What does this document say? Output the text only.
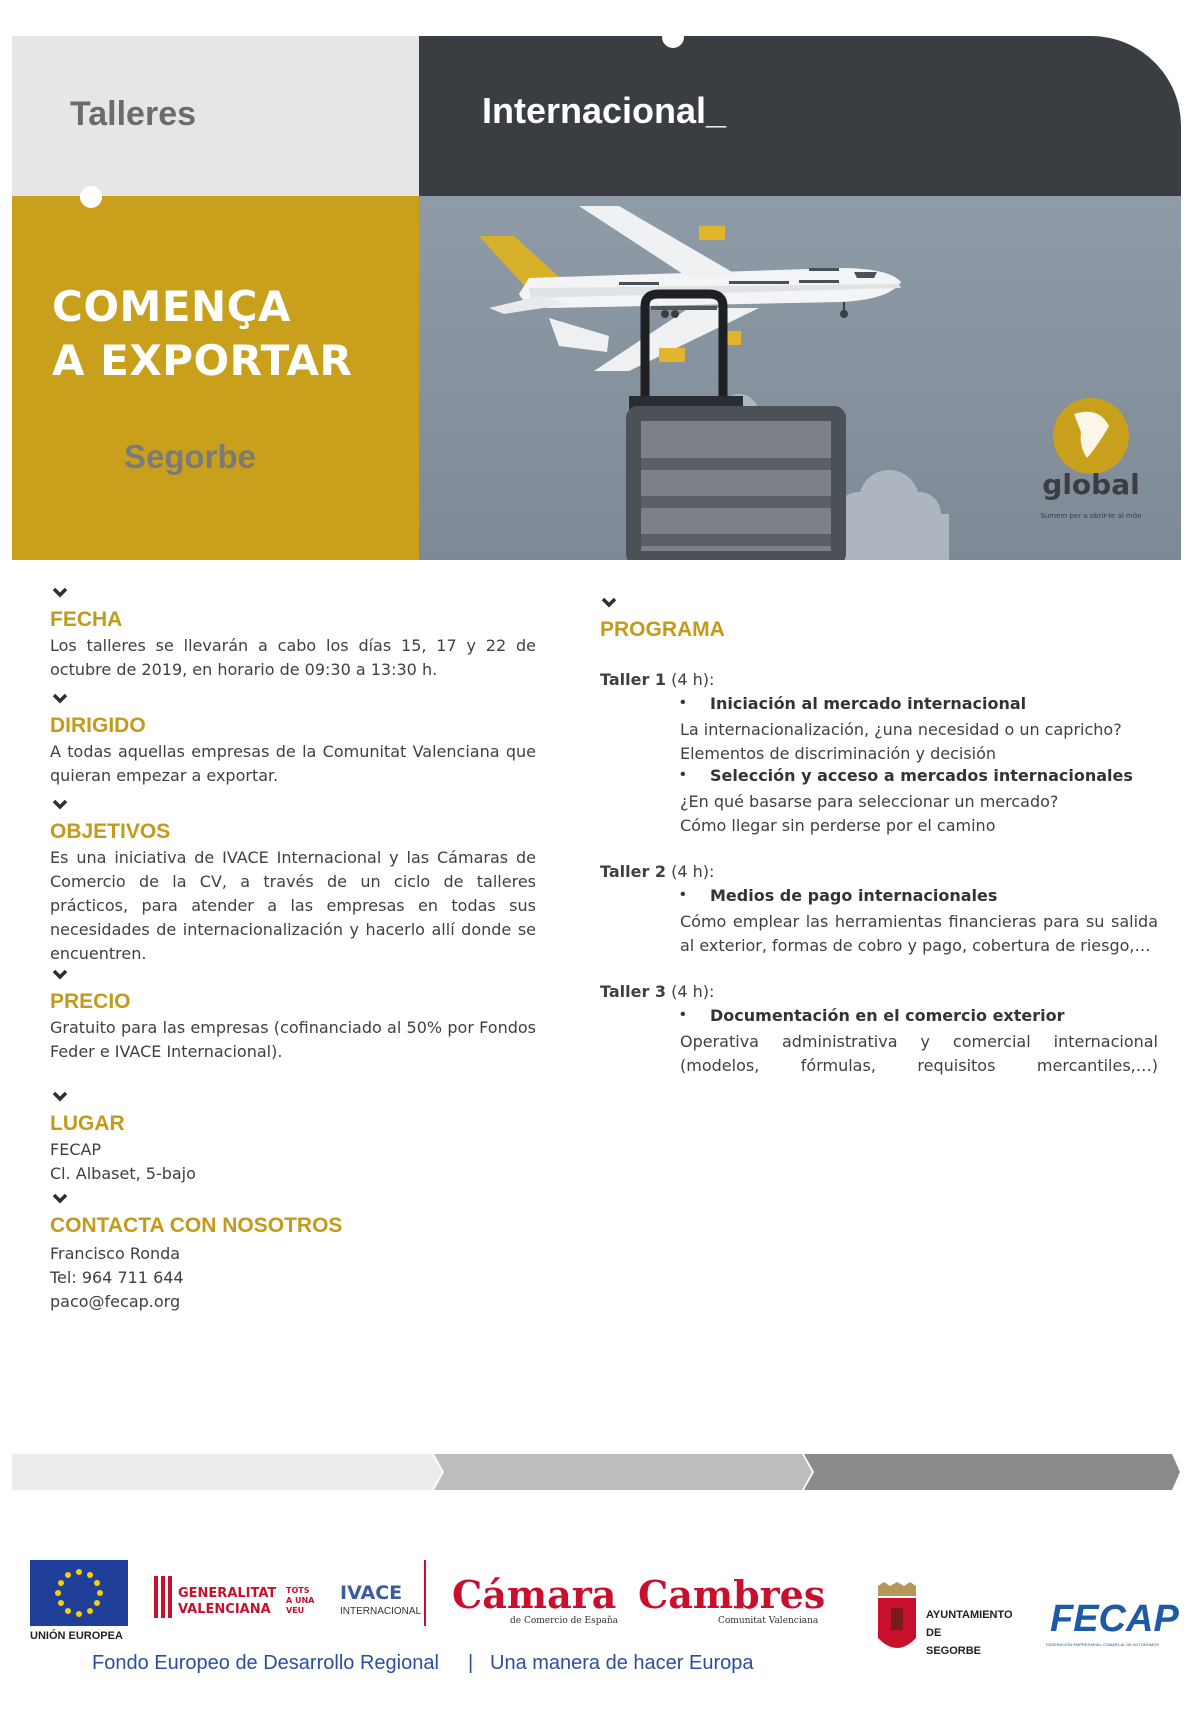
global
Sumem per a obrir-te al món
Talleres	Internacional_
COMENÇA
A EXPORTAR
Segorbe
FECHA
Los talleres se llevarán a cabo los días 15, 17 y 22 de octubre de 2019, en horario de 09:30 a 13:30 h.
DIRIGIDO
A todas aquellas empresas de la Comunitat Valenciana que quieran empezar a exportar.
OBJETIVOS
Es una iniciativa de IVACE Internacional y las Cámaras de Comercio de la CV, a través de un ciclo de talleres prácticos, para atender a las empresas en todas sus necesidades de internacionalización y hacerlo allí donde se encuentren.
PRECIO
Gratuito para las empresas (cofinanciado al 50% por Fondos Feder e IVACE Internacional).
LUGAR
FECAP
Cl. Albaset, 5-bajo
CONTACTA CON NOSOTROS
Francisco Ronda
Tel: 964 711 644
paco@fecap.org
PROGRAMA
Taller 1 (4 h):
• Iniciación al mercado internacional
La internacionalización, ¿una necesidad o un capricho?
Elementos de discriminación y decisión
• Selección y acceso a mercados internacionales
¿En qué basarse para seleccionar un mercado?
Cómo llegar sin perderse por el camino
Taller 2 (4 h):
• Medios de pago internacionales
Cómo emplear las herramientas financieras para su salida al exterior, formas de cobro y pago, cobertura de riesgo,…
Taller 3 (4 h):
• Documentación en el comercio exterior
Operativa administrativa y comercial internacional (modelos, fórmulas, requisitos mercantiles,…)
UNIÓN EUROPEA
GENERALITAT
VALENCIANA
TOTS A UNA VEU
IVACE
INTERNACIONAL Cámara
de Comercio de España
Cambres
Comunitat Valenciana	AYUNTAMIENTO
DE
SEGORBE
FECAP
FEDERACIÓN EMPRESARIAL COMARCAL DE AUTONOMOS
Fondo Europeo de Desarrollo Regional | Una manera de hacer Europa
